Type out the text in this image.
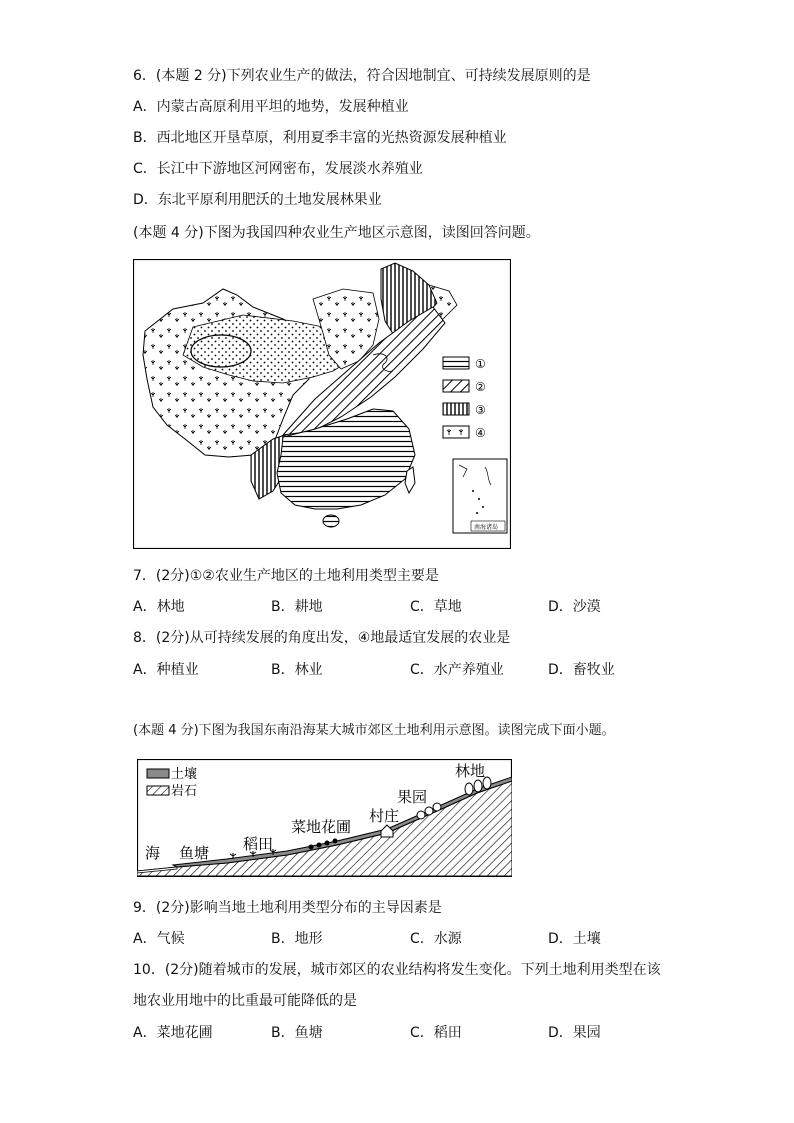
6．(本题 2 分)下列农业生产的做法，符合因地制宜、可持续发展原则的是
A．内蒙古高原利用平坦的地势，发展种植业
B．西北地区开垦草原，利用夏季丰富的光热资源发展种植业
C．长江中下游地区河网密布，发展淡水养殖业
D．东北平原利用肥沃的土地发展林果业
(本题 4 分)下图为我国四种农业生产地区示意图，读图回答问题。
①
②
③
④
南海诸岛
7．(2分)①②农业生产地区的土地利用类型主要是
A．林地	B．耕地	C．草地	D．沙漠
8．(2分)从可持续发展的角度出发，④地最适宜发展的农业是
A．种植业	B．林业	C．水产养殖业	D．畜牧业
(本题 4 分)下图为我国东南沿海某大城市郊区土地利用示意图。读图完成下面小题。
土壤
岩石
海 鱼塘 稻田
菜地花圃
村庄
果园
林地
9．(2分)影响当地土地利用类型分布的主导因素是
A．气候	B．地形	C．水源	D．土壤
10．(2分)随着城市的发展，城市郊区的农业结构将发生变化。下列土地利用类型在该
地农业用地中的比重最可能降低的是
A．菜地花圃	B．鱼塘	C．稻田	D．果园
